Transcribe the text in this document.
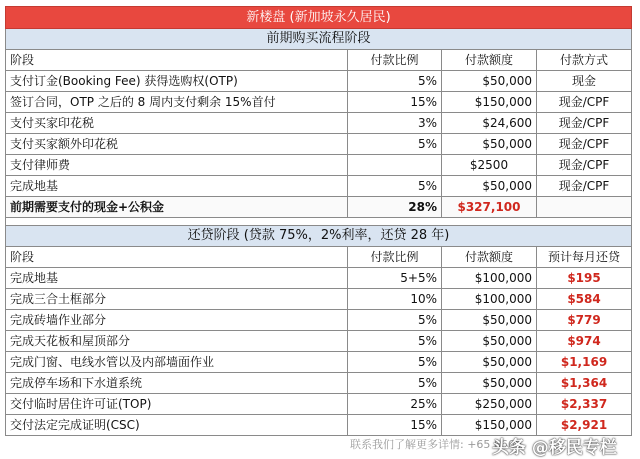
新楼盘 (新加坡永久居民)			
前期购买流程阶段			
阶段	付款比例	付款额度	付款方式
支付订金(Booking Fee) 获得选购权(OTP)	5%	$50,000	现金
签订合同，OTP 之后的 8 周内支付剩余 15%首付	15%	$150,000	现金/CPF
支付买家印花税	3%	$24,600	现金/CPF
支付买家额外印花税	5%	$50,000	现金/CPF
支付律师费		$2500	现金/CPF
完成地基	5%	$50,000	现金/CPF
前期需要支付的现金+公积金	28%	$327,100	

还贷阶段 (贷款 75%，2%利率，还贷 28 年)			
阶段	付款比例	付款额度	预计每月还贷
完成地基	5+5%	$100,000	$195
完成三合土框部分	10%	$100,000	$584
完成砖墙作业部分	5%	$50,000	$779
完成天花板和屋顶部分	5%	$50,000	$974
完成门窗、电线水管以及内部墙面作业	5%	$50,000	$1,169
完成停车场和下水道系统	5%	$50,000	$1,364
交付临时居住许可证(TOP)	25%	$250,000	$2,337
交付法定完成证明(CSC)	15%	$150,000	$2,921
联系我们了解更多详情: +65 8660
头条 @移民专栏
